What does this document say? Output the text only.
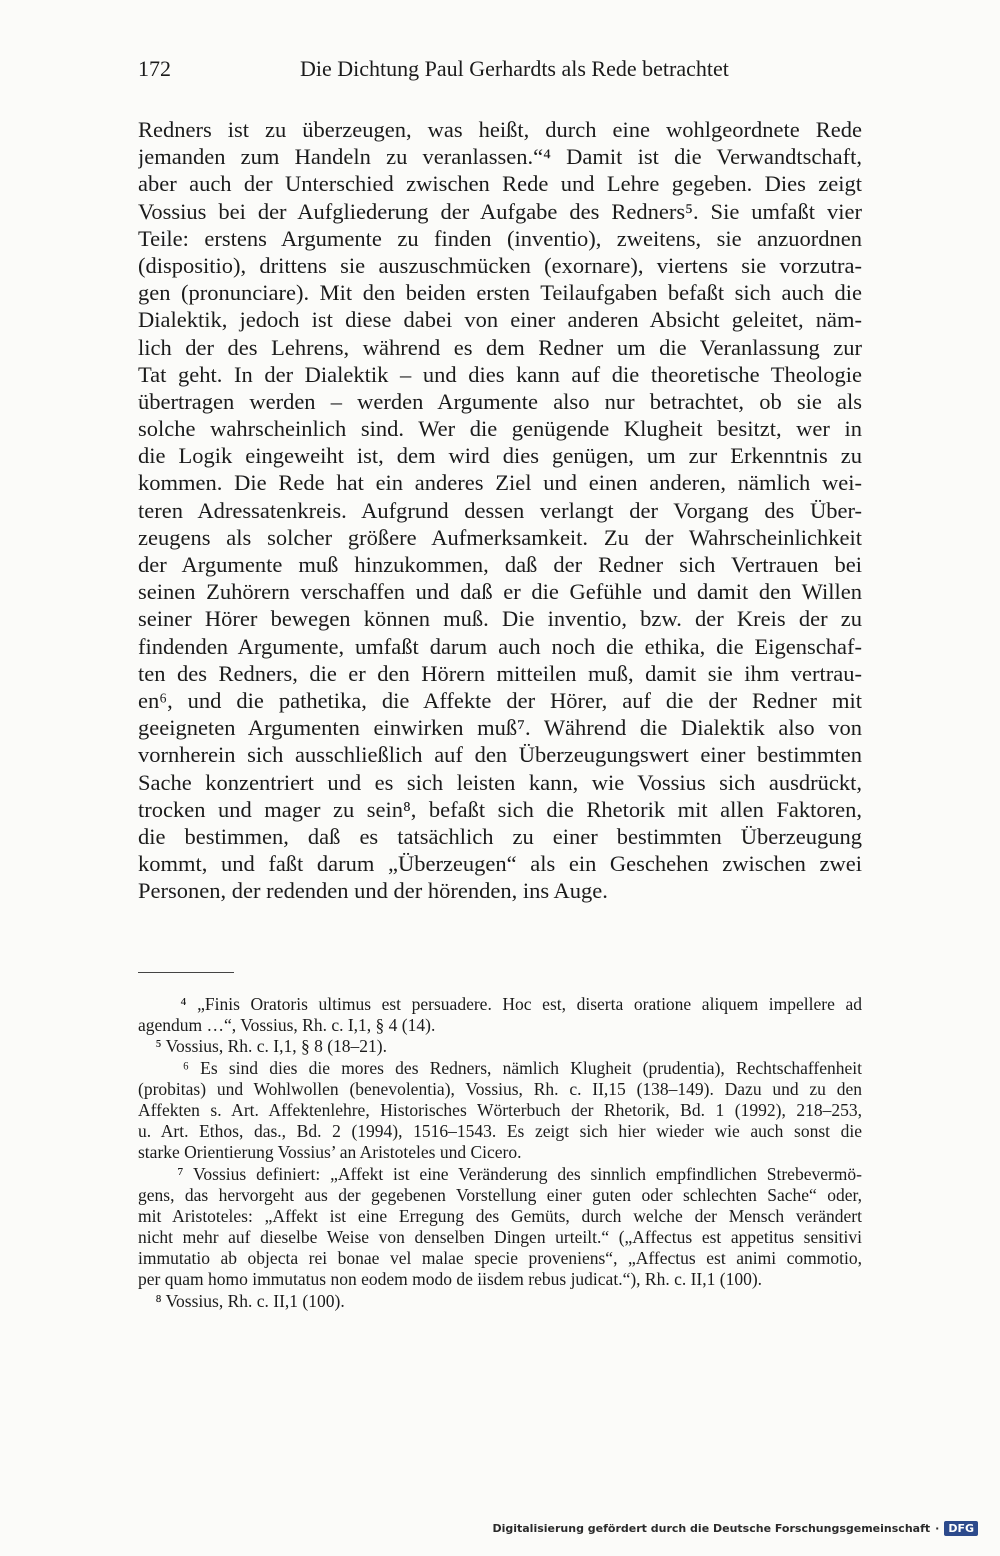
172	Die Dichtung Paul Gerhardts als Rede betrachtet
Redners ist zu überzeugen, was heißt, durch eine wohlgeordnete Rede
jemanden zum Handeln zu veranlassen.“⁴ Damit ist die Verwandtschaft,
aber auch der Unterschied zwischen Rede und Lehre gegeben. Dies zeigt
Vossius bei der Aufgliederung der Aufgabe des Redners⁵. Sie umfaßt vier
Teile: erstens Argumente zu finden (inventio), zweitens, sie anzuordnen
(dispositio), drittens sie auszuschmücken (exornare), viertens sie vorzutra-
gen (pronunciare). Mit den beiden ersten Teilaufgaben befaßt sich auch die
Dialektik, jedoch ist diese dabei von einer anderen Absicht geleitet, näm-
lich der des Lehrens, während es dem Redner um die Veranlassung zur
Tat geht. In der Dialektik – und dies kann auf die theoretische Theologie
übertragen werden – werden Argumente also nur betrachtet, ob sie als
solche wahrscheinlich sind. Wer die genügende Klugheit besitzt, wer in
die Logik eingeweiht ist, dem wird dies genügen, um zur Erkenntnis zu
kommen. Die Rede hat ein anderes Ziel und einen anderen, nämlich wei-
teren Adressatenkreis. Aufgrund dessen verlangt der Vorgang des Über-
zeugens als solcher größere Aufmerksamkeit. Zu der Wahrscheinlichkeit
der Argumente muß hinzukommen, daß der Redner sich Vertrauen bei
seinen Zuhörern verschaffen und daß er die Gefühle und damit den Willen
seiner Hörer bewegen können muß. Die inventio, bzw. der Kreis der zu
findenden Argumente, umfaßt darum auch noch die ethika, die Eigenschaf-
ten des Redners, die er den Hörern mitteilen muß, damit sie ihm vertrau-
en⁶, und die pathetika, die Affekte der Hörer, auf die der Redner mit
geeigneten Argumenten einwirken muß⁷. Während die Dialektik also von
vornherein sich ausschließlich auf den Überzeugungswert einer bestimmten
Sache konzentriert und es sich leisten kann, wie Vossius sich ausdrückt,
trocken und mager zu sein⁸, befaßt sich die Rhetorik mit allen Faktoren,
die bestimmen, daß es tatsächlich zu einer bestimmten Überzeugung
kommt, und faßt darum „Überzeugen“ als ein Geschehen zwischen zwei
Personen, der redenden und der hörenden, ins Auge.
⁴ „Finis Oratoris ultimus est persuadere. Hoc est, diserta oratione aliquem impellere ad
agendum …“, Vossius, Rh. c. I,1, § 4 (14).
⁵ Vossius, Rh. c. I,1, § 8 (18–21).
⁶ Es sind dies die mores des Redners, nämlich Klugheit (prudentia), Rechtschaffenheit
(probitas) und Wohlwollen (benevolentia), Vossius, Rh. c. II,15 (138–149). Dazu und zu den
Affekten s. Art. Affektenlehre, Historisches Wörterbuch der Rhetorik, Bd. 1 (1992), 218–253,
u. Art. Ethos, das., Bd. 2 (1994), 1516–1543. Es zeigt sich hier wieder wie auch sonst die
starke Orientierung Vossius’ an Aristoteles und Cicero.
⁷ Vossius definiert: „Affekt ist eine Veränderung des sinnlich empfindlichen Strebevermö-
gens, das hervorgeht aus der gegebenen Vorstellung einer guten oder schlechten Sache“ oder,
mit Aristoteles: „Affekt ist eine Erregung des Gemüts, durch welche der Mensch verändert
nicht mehr auf dieselbe Weise von denselben Dingen urteilt.“ („Affectus est appetitus sensitivi
immutatio ab objecta rei bonae vel malae specie proveniens“, „Affectus est animi commotio,
per quam homo immutatus non eodem modo de iisdem rebus judicat.“), Rh. c. II,1 (100).
⁸ Vossius, Rh. c. II,1 (100).
Digitalisierung gefördert durch die Deutsche Forschungsgemeinschaft · DFG
